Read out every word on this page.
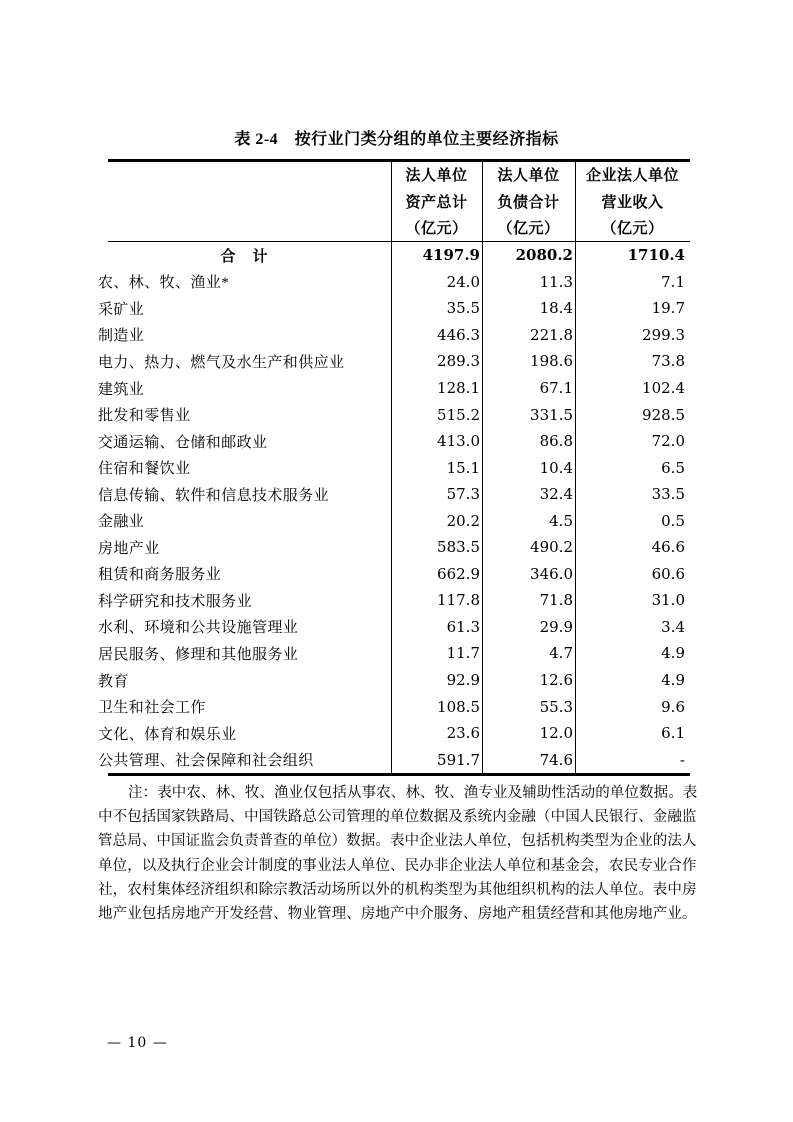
表 2-4　按行业门类分组的单位主要经济指标
法人单位
资产总计
（亿元）
法人单位
负债合计
（亿元）
企业法人单位
营业收入
（亿元）
合　计	4197.9	2080.2	1710.4
农、林、牧、渔业*	24.0	11.3	7.1
采矿业	35.5	18.4	19.7
制造业	446.3	221.8	299.3
电力、热力、燃气及水生产和供应业	289.3	198.6	73.8
建筑业	128.1	67.1	102.4
批发和零售业	515.2	331.5	928.5
交通运输、仓储和邮政业	413.0	86.8	72.0
住宿和餐饮业	15.1	10.4	6.5
信息传输、软件和信息技术服务业	57.3	32.4	33.5
金融业	20.2	4.5	0.5
房地产业	583.5	490.2	46.6
租赁和商务服务业	662.9	346.0	60.6
科学研究和技术服务业	117.8	71.8	31.0
水利、环境和公共设施管理业	61.3	29.9	3.4
居民服务、修理和其他服务业	11.7	4.7	4.9
教育	92.9	12.6	4.9
卫生和社会工作	108.5	55.3	9.6
文化、体育和娱乐业	23.6	12.0	6.1
公共管理、社会保障和社会组织	591.7	74.6	-
注：表中农、林、牧、渔业仅包括从事农、林、牧、渔专业及辅助性活动的单位数据。表
中不包括国家铁路局、中国铁路总公司管理的单位数据及系统内金融（中国人民银行、金融监
管总局、中国证监会负责普查的单位）数据。表中企业法人单位，包括机构类型为企业的法人
单位，以及执行企业会计制度的事业法人单位、民办非企业法人单位和基金会，农民专业合作
社，农村集体经济组织和除宗教活动场所以外的机构类型为其他组织机构的法人单位。表中房
地产业包括房地产开发经营、物业管理、房地产中介服务、房地产租赁经营和其他房地产业。
— 10 —
